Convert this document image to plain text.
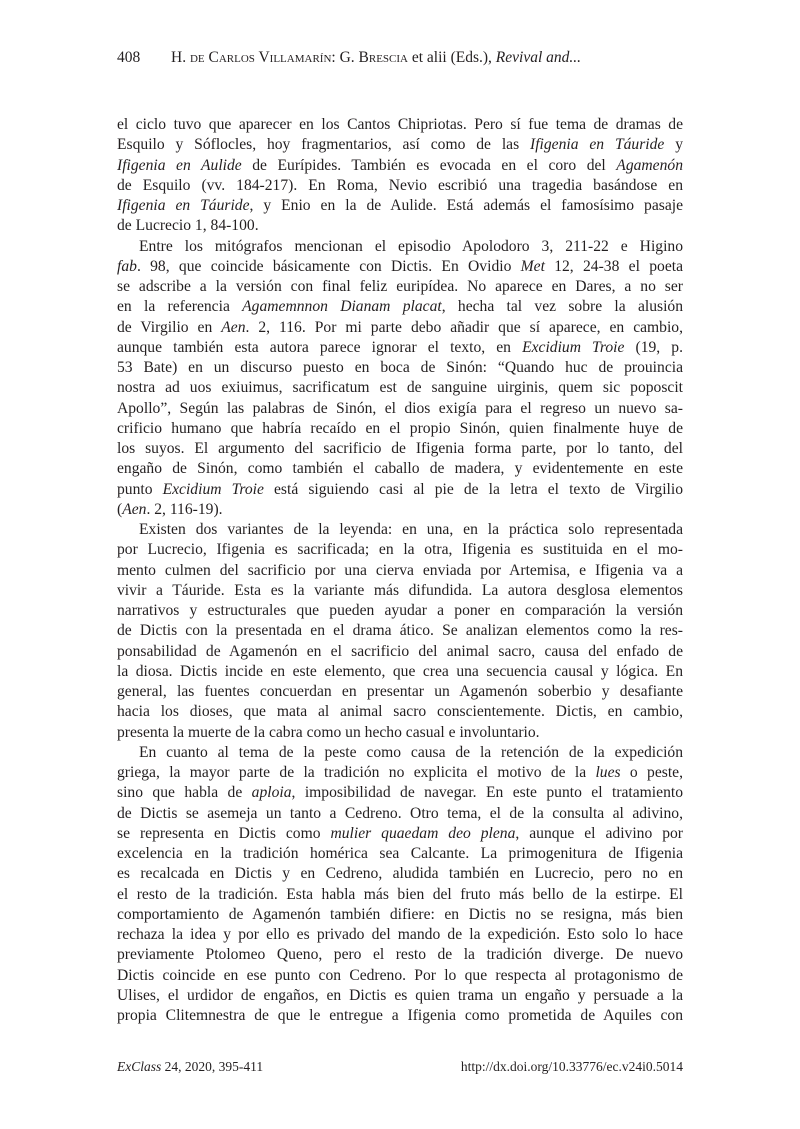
408 H. de Carlos Villamarín: G. Brescia et alii (Eds.), Revival and...
el ciclo tuvo que aparecer en los Cantos Chipriotas. Pero sí fue tema de dramas de
Esquilo y Sóflocles, hoy fragmentarios, así como de las Ifigenia en Táuride y
Ifigenia en Aulide de Eurípides. También es evocada en el coro del Agamenón
de Esquilo (vv. 184-217). En Roma, Nevio escribió una tragedia basándose en
Ifigenia en Táuride, y Enio en la de Aulide. Está además el famosísimo pasaje
de Lucrecio 1, 84-100.
Entre los mitógrafos mencionan el episodio Apolodoro 3, 211-22 e Higino
fab. 98, que coincide básicamente con Dictis. En Ovidio Met 12, 24-38 el poeta
se adscribe a la versión con final feliz euripídea. No aparece en Dares, a no ser
en la referencia Agamemnnon Dianam placat, hecha tal vez sobre la alusión
de Virgilio en Aen. 2, 116. Por mi parte debo añadir que sí aparece, en cambio,
aunque también esta autora parece ignorar el texto, en Excidium Troie (19, p.
53 Bate) en un discurso puesto en boca de Sinón: “Quando huc de prouincia
nostra ad uos exiuimus, sacrificatum est de sanguine uirginis, quem sic poposcit
Apollo”, Según las palabras de Sinón, el dios exigía para el regreso un nuevo sa-
crificio humano que habría recaído en el propio Sinón, quien finalmente huye de
los suyos. El argumento del sacrificio de Ifigenia forma parte, por lo tanto, del
engaño de Sinón, como también el caballo de madera, y evidentemente en este
punto Excidium Troie está siguiendo casi al pie de la letra el texto de Virgilio
(Aen. 2, 116-19).
Existen dos variantes de la leyenda: en una, en la práctica solo representada
por Lucrecio, Ifigenia es sacrificada; en la otra, Ifigenia es sustituida en el mo-
mento culmen del sacrificio por una cierva enviada por Artemisa, e Ifigenia va a
vivir a Táuride. Esta es la variante más difundida. La autora desglosa elementos
narrativos y estructurales que pueden ayudar a poner en comparación la versión
de Dictis con la presentada en el drama ático. Se analizan elementos como la res-
ponsabilidad de Agamenón en el sacrificio del animal sacro, causa del enfado de
la diosa. Dictis incide en este elemento, que crea una secuencia causal y lógica. En
general, las fuentes concuerdan en presentar un Agamenón soberbio y desafiante
hacia los dioses, que mata al animal sacro conscientemente. Dictis, en cambio,
presenta la muerte de la cabra como un hecho casual e involuntario.
En cuanto al tema de la peste como causa de la retención de la expedición
griega, la mayor parte de la tradición no explicita el motivo de la lues o peste,
sino que habla de aploia, imposibilidad de navegar. En este punto el tratamiento
de Dictis se asemeja un tanto a Cedreno. Otro tema, el de la consulta al adivino,
se representa en Dictis como mulier quaedam deo plena, aunque el adivino por
excelencia en la tradición homérica sea Calcante. La primogenitura de Ifigenia
es recalcada en Dictis y en Cedreno, aludida también en Lucrecio, pero no en
el resto de la tradición. Esta habla más bien del fruto más bello de la estirpe. El
comportamiento de Agamenón también difiere: en Dictis no se resigna, más bien
rechaza la idea y por ello es privado del mando de la expedición. Esto solo lo hace
previamente Ptolomeo Queno, pero el resto de la tradición diverge. De nuevo
Dictis coincide en ese punto con Cedreno. Por lo que respecta al protagonismo de
Ulises, el urdidor de engaños, en Dictis es quien trama un engaño y persuade a la
propia Clitemnestra de que le entregue a Ifigenia como prometida de Aquiles con
ExClass 24, 2020, 395-411	http://dx.doi.org/10.33776/ec.v24i0.5014
